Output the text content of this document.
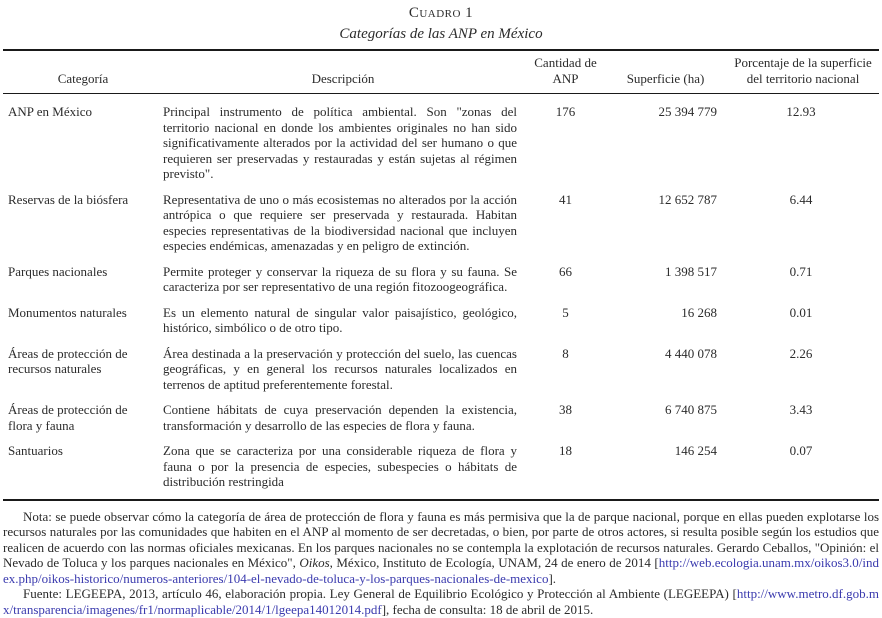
Cuadro 1
Categorías de las ANP en México
Categoría	Descripción	Cantidad de ANP	Superficie (ha)	Porcentaje de la superficie del territorio nacional
ANP en México	Principal instrumento de política ambiental. Son "zonas del territorio nacional en donde los ambientes originales no han sido significativamente alterados por la actividad del ser humano o que requieren ser preservadas y restauradas y están sujetas al régimen previsto".	176	25 394 779	12.93
Reservas de la biósfera	Representativa de uno o más ecosistemas no alterados por la acción antrópica o que requiere ser preservada y restaurada. Habitan especies representativas de la biodiversidad nacional que incluyen especies endémicas, amenazadas y en peligro de extinción.	41	12 652 787	6.44
Parques nacionales	Permite proteger y conservar la riqueza de su flora y su fauna. Se caracteriza por ser representativo de una región fitozoogeográfica.	66	1 398 517	0.71
Monumentos naturales	Es un elemento natural de singular valor paisajístico, geológico, histórico, simbólico o de otro tipo.	5	16 268	0.01
Áreas de protección de recursos naturales	Área destinada a la preservación y protección del suelo, las cuencas geográficas, y en general los recursos naturales localizados en terrenos de aptitud preferentemente forestal.	8	4 440 078	2.26
Áreas de protección de flora y fauna	Contiene hábitats de cuya preservación dependen la existencia, transformación y desarrollo de las especies de flora y fauna.	38	6 740 875	3.43
Santuarios	Zona que se caracteriza por una considerable riqueza de flora y fauna o por la presencia de especies, subespecies o hábitats de distribución restringida	18	146 254	0.07

Nota: se puede observar cómo la categoría de área de protección de flora y fauna es más permisiva que la de parque nacional, porque en ellas pueden explotarse los recursos naturales por las comunidades que habiten en el ANP al momento de ser decretadas, o bien, por parte de otros actores, si resulta posible según los estudios que realicen de acuerdo con las normas oficiales mexicanas. En los parques nacionales no se contempla la explotación de recursos naturales. Gerardo Ceballos, "Opinión: el Nevado de Toluca y los parques nacionales en México", Oikos, México, Instituto de Ecología, UNAM, 24 de enero de 2014 [http://web.ecologia.unam.mx/oikos3.0/index.php/oikos-historico/numeros-anteriores/104-el-nevado-de-toluca-y-los-parques-nacionales-de-mexico].

Fuente: LEGEEPA, 2013, artículo 46, elaboración propia. Ley General de Equilibrio Ecológico y Protección al Ambiente (LEGEEPA) [http://www.metro.df.gob.mx/transparencia/imagenes/fr1/normaplicable/2014/1/lgeepa14012014.pdf], fecha de consulta: 18 de abril de 2015.
